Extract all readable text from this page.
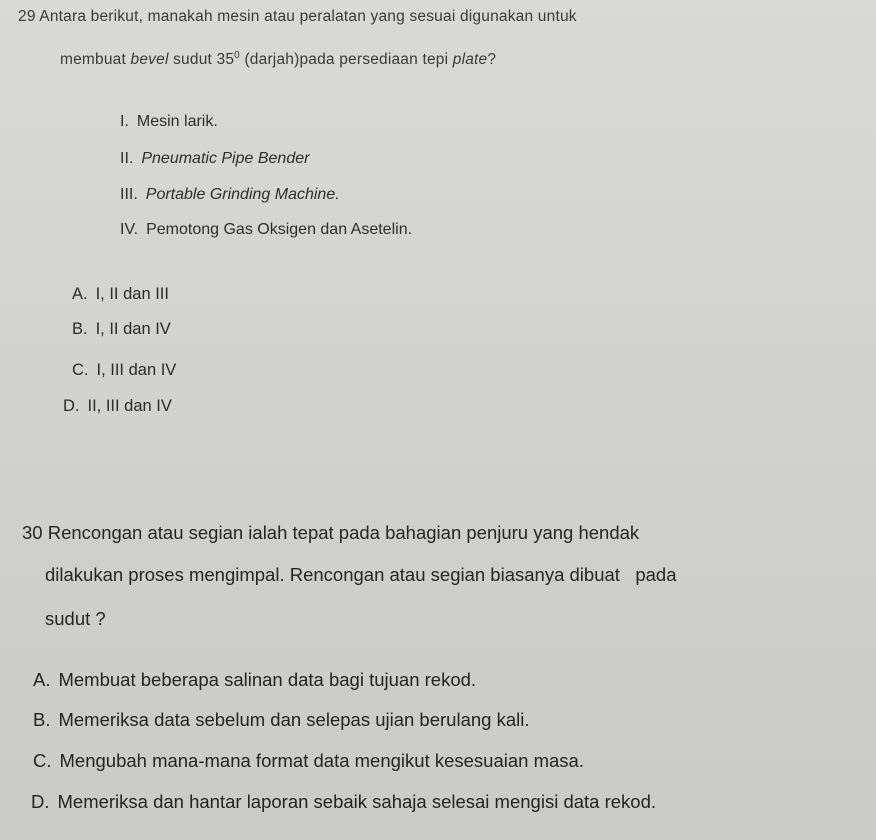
29 Antara berikut, manakah mesin atau peralatan yang sesuai digunakan untuk
membuat bevel sudut $35^0$ (darjah)pada persediaan tepi plate?
I. Mesin larik.
II. Pneumatic Pipe Bender
III. Portable Grinding Machine.
IV. Pemotong Gas Oksigen dan Asetelin.
A. I, II dan III
B. I, II dan IV
C. I, III dan IV
D. II, III dan IV
30 Rencongan atau segian ialah tepat pada bahagian penjuru yang hendak
dilakukan proses mengimpal. Rencongan atau segian biasanya dibuat   pada
sudut ?
A. Membuat beberapa salinan data bagi tujuan rekod.
B. Memeriksa data sebelum dan selepas ujian berulang kali.
C. Mengubah mana-mana format data mengikut kesesuaian masa.
D. Memeriksa dan hantar laporan sebaik sahaja selesai mengisi data rekod.
